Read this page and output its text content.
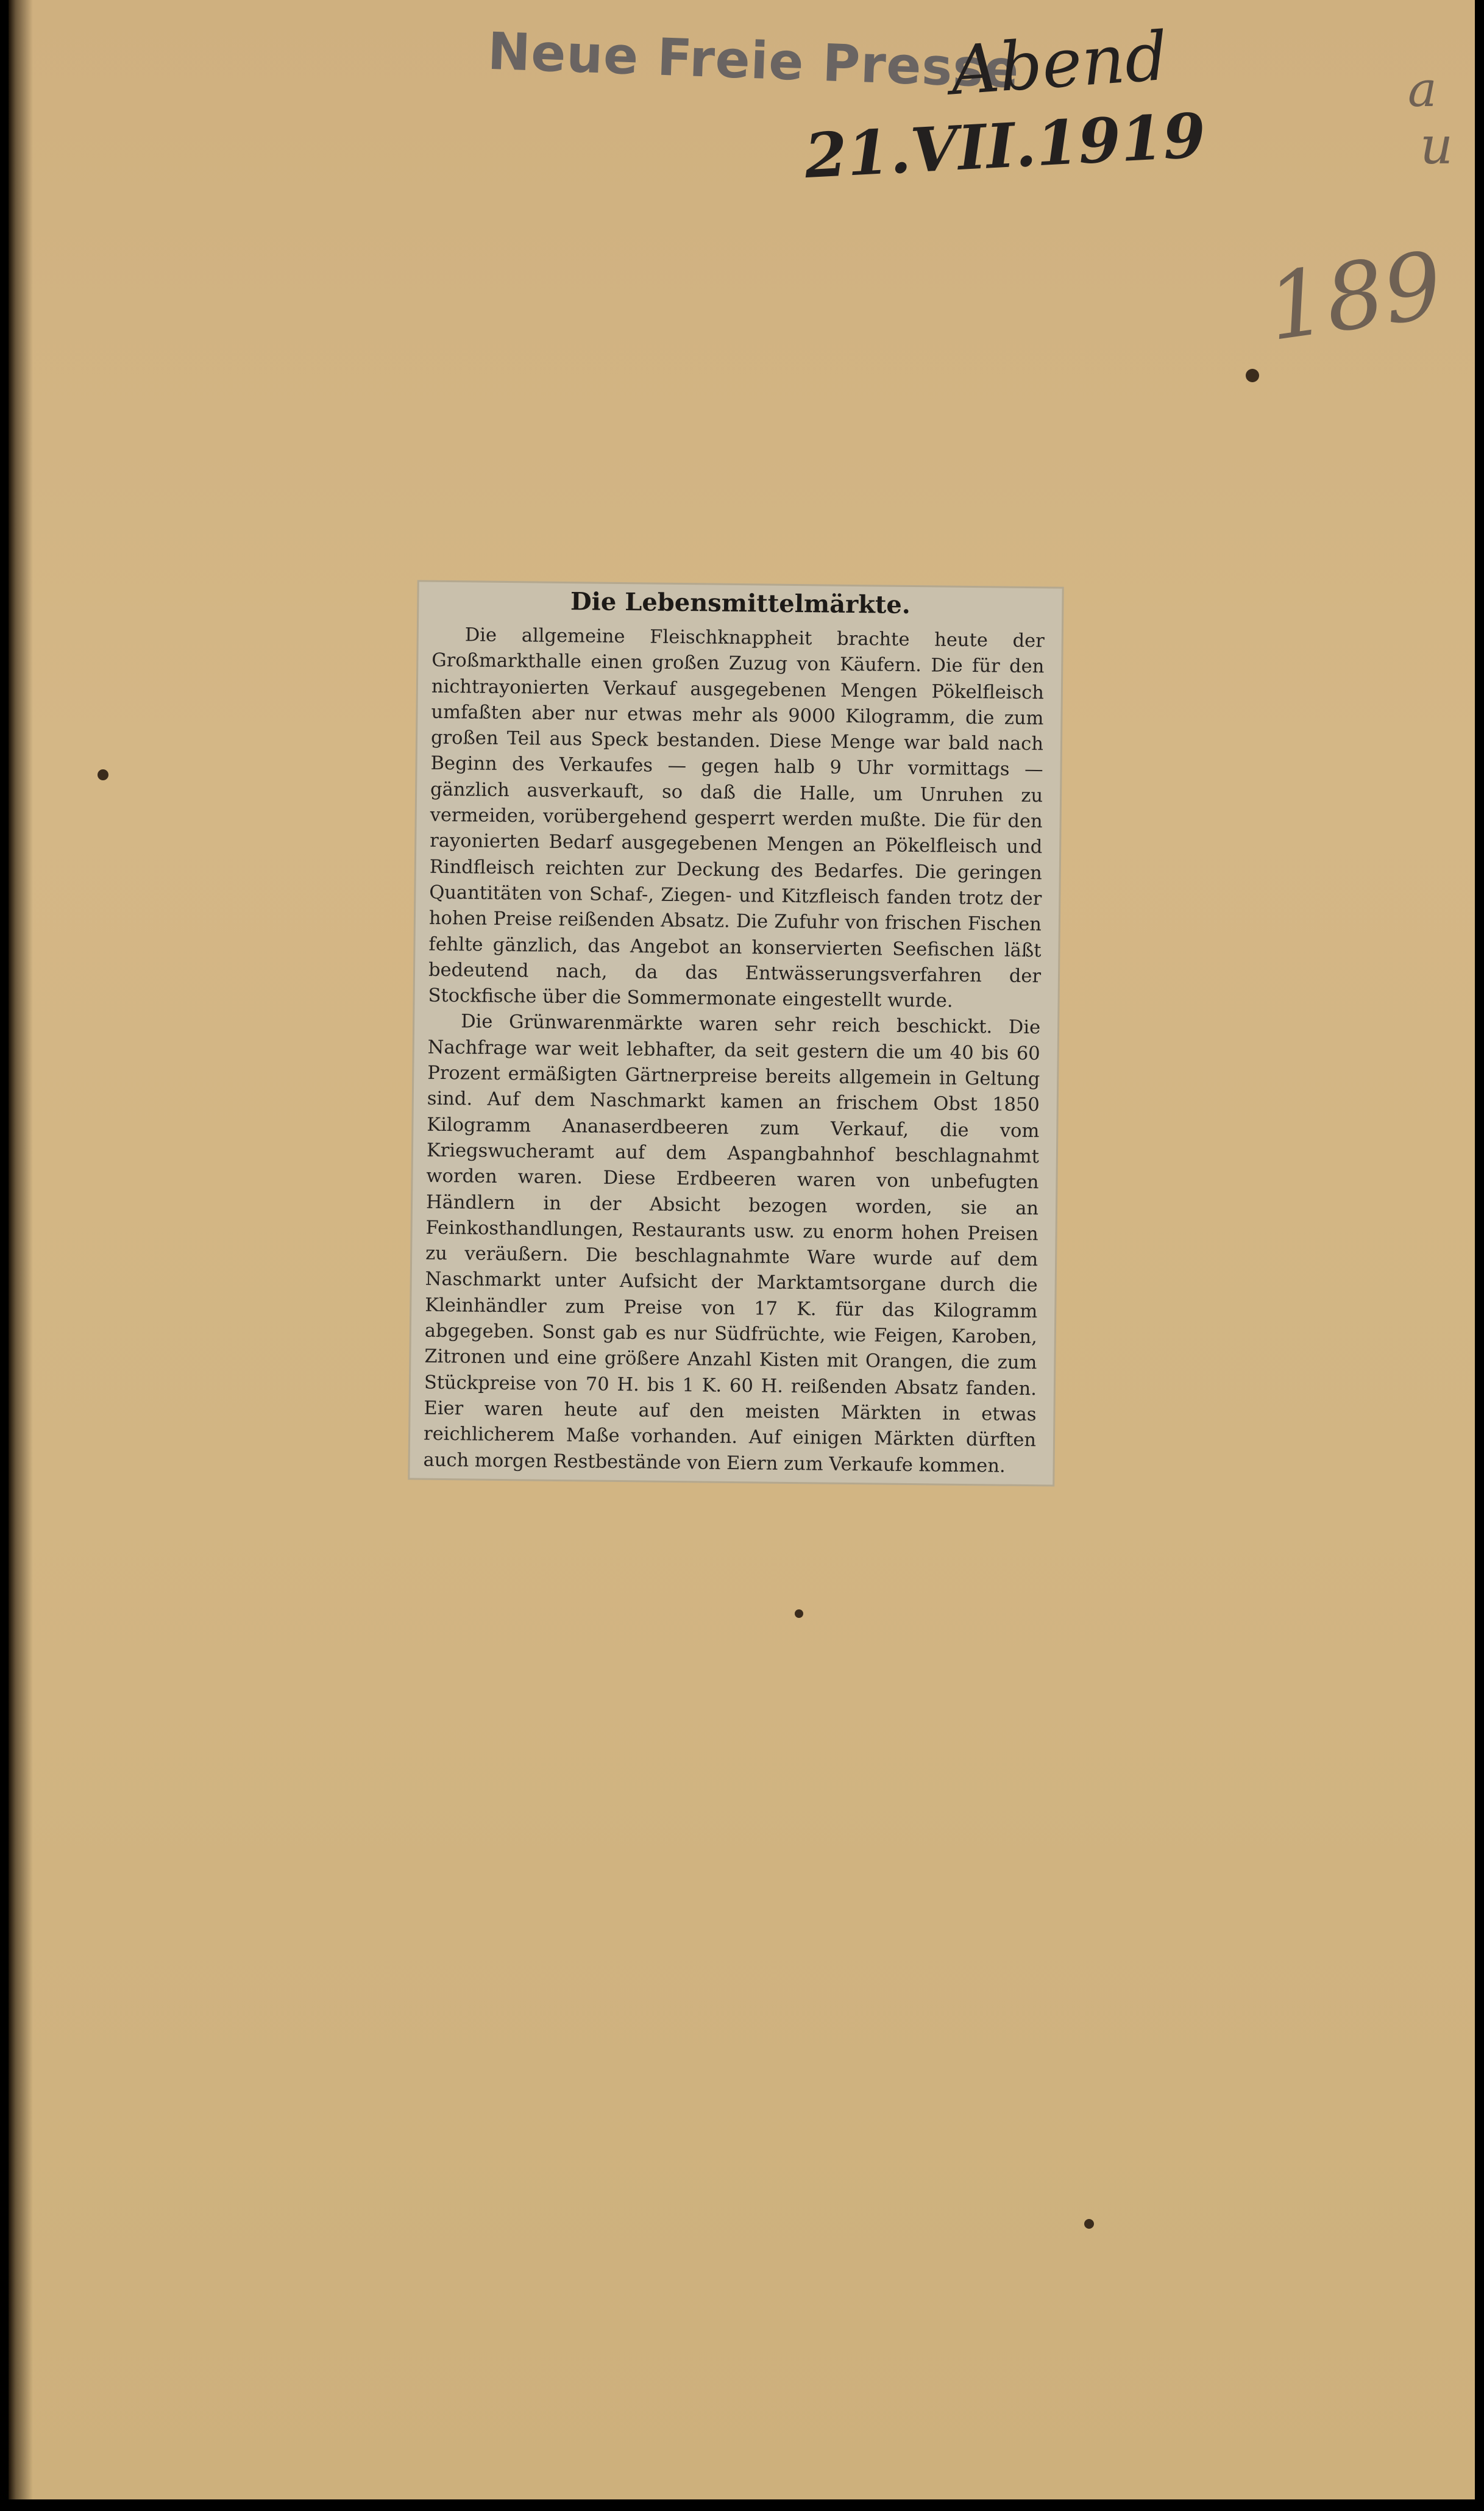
Neue Freie Presse
Abend
21.VII.1919
a
u
189
Die Lebensmittelmärkte.

Die allgemeine Fleischknappheit brachte heute der Großmarkthalle einen großen Zuzug von Käufern. Die für den nichtrayonierten Verkauf ausgegebenen Mengen Pökelfleisch umfaßten aber nur etwas mehr als 9000 Kilogramm, die zum großen Teil aus Speck bestanden. Diese Menge war bald nach Beginn des Verkaufes — gegen halb 9 Uhr vormittags — gänzlich ausverkauft, so daß die Halle, um Unruhen zu vermeiden, vorübergehend gesperrt werden mußte. Die für den rayonierten Bedarf ausgegebenen Mengen an Pökelfleisch und Rindfleisch reichten zur Deckung des Bedarfes. Die geringen Quantitäten von Schaf-, Ziegen- und Kitzfleisch fanden trotz der hohen Preise reißenden Absatz. Die Zufuhr von frischen Fischen fehlte gänzlich, das Angebot an konservierten Seefischen läßt bedeutend nach, da das Entwässerungsverfahren der Stockfische über die Sommermonate eingestellt wurde.

Die Grünwarenmärkte waren sehr reich beschickt. Die Nachfrage war weit lebhafter, da seit gestern die um 40 bis 60 Prozent ermäßigten Gärtnerpreise bereits allgemein in Geltung sind. Auf dem Naschmarkt kamen an frischem Obst 1850 Kilogramm Ananaserdbeeren zum Verkauf, die vom Kriegswucheramt auf dem Aspangbahnhof beschlagnahmt worden waren. Diese Erdbeeren waren von unbefugten Händlern in der Absicht bezogen worden, sie an Feinkosthandlungen, Restaurants usw. zu enorm hohen Preisen zu veräußern. Die beschlagnahmte Ware wurde auf dem Naschmarkt unter Aufsicht der Marktamtsorgane durch die Kleinhändler zum Preise von 17 K. für das Kilogramm abgegeben. Sonst gab es nur Südfrüchte, wie Feigen, Karoben, Zitronen und eine größere Anzahl Kisten mit Orangen, die zum Stückpreise von 70 H. bis 1 K. 60 H. reißenden Absatz fanden. Eier waren heute auf den meisten Märkten in etwas reichlicherem Maße vorhanden. Auf einigen Märkten dürften auch morgen Restbestände von Eiern zum Verkaufe kommen.
